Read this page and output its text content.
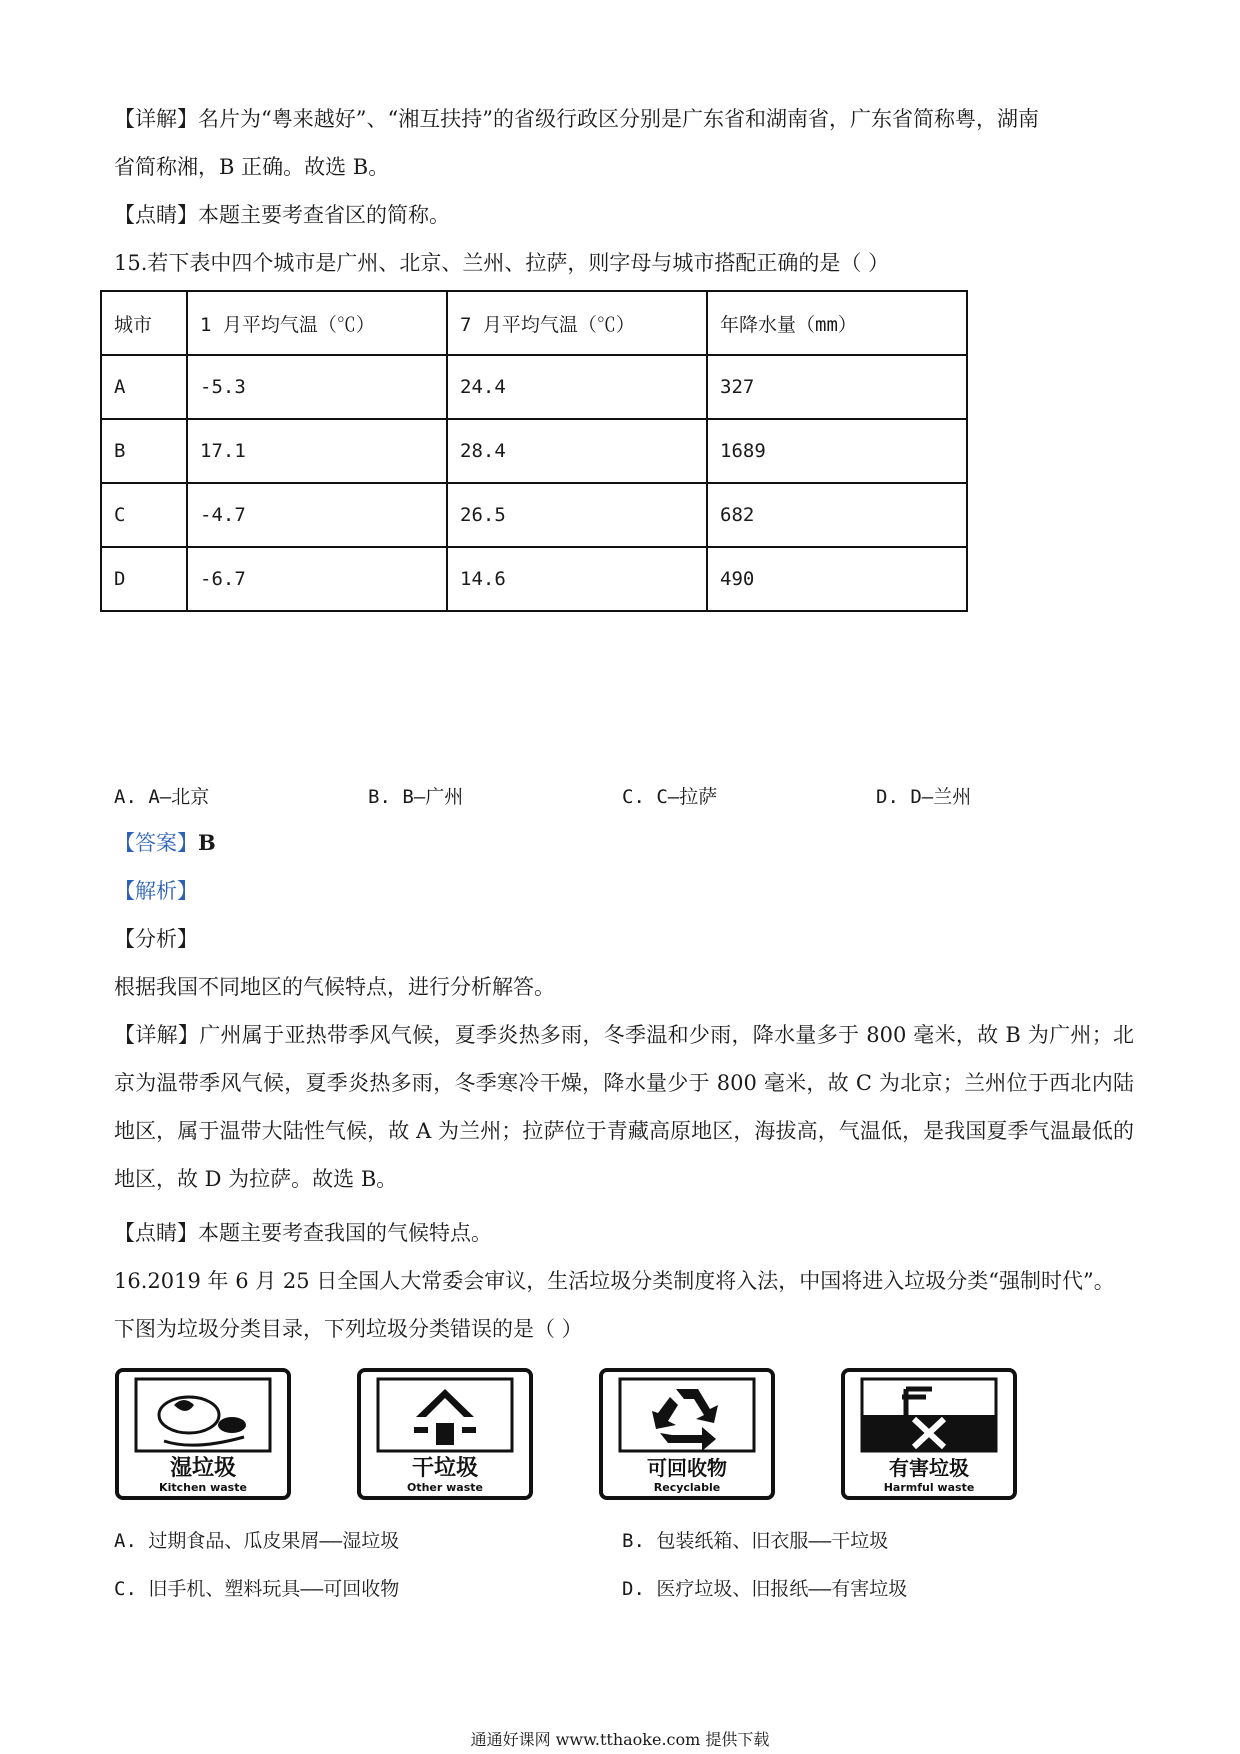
【详解】名片为“粤来越好”、“湘互扶持”的省级行政区分别是广东省和湖南省，广东省简称粤，湖南
省简称湘，B 正确。故选 B。
【点睛】本题主要考查省区的简称。
15.若下表中四个城市是广州、北京、兰州、拉萨，则字母与城市搭配正确的是（ ）
城市	1 月平均气温（℃）	7 月平均气温（℃）	年降水量（mm）
A	-5.3	24.4	327
B	17.1	28.4	1689
C	-4.7	26.5	682
D	-6.7	14.6	490
A. A—北京	B. B—广州	C. C—拉萨	D. D—兰州
【答案】B
【解析】
【分析】
根据我国不同地区的气候特点，进行分析解答。
【详解】广州属于亚热带季风气候，夏季炎热多雨，冬季温和少雨，降水量多于 800 毫米，故 B 为广州；北京为温带季风气候，夏季炎热多雨，冬季寒冷干燥，降水量少于 800 毫米，故 C 为北京；兰州位于西北内陆地区，属于温带大陆性气候，故 A 为兰州；拉萨位于青藏高原地区，海拔高，气温低，是我国夏季气温最低的地区，故 D 为拉萨。故选 B。
【点睛】本题主要考查我国的气候特点。
16.2019 年 6 月 25 日全国人大常委会审议，生活垃圾分类制度将入法，中国将进入垃圾分类“强制时代”。
下图为垃圾分类目录，下列垃圾分类错误的是（ ）
湿垃圾
Kitchen waste
干垃圾
Other waste
可回收物
Recyclable
有害垃圾
Harmful waste
A. 过期食品、瓜皮果屑——湿垃圾	B. 包装纸箱、旧衣服——干垃圾
C. 旧手机、塑料玩具——可回收物	D. 医疗垃圾、旧报纸——有害垃圾
通通好课网 www.tthaoke.com 提供下载
